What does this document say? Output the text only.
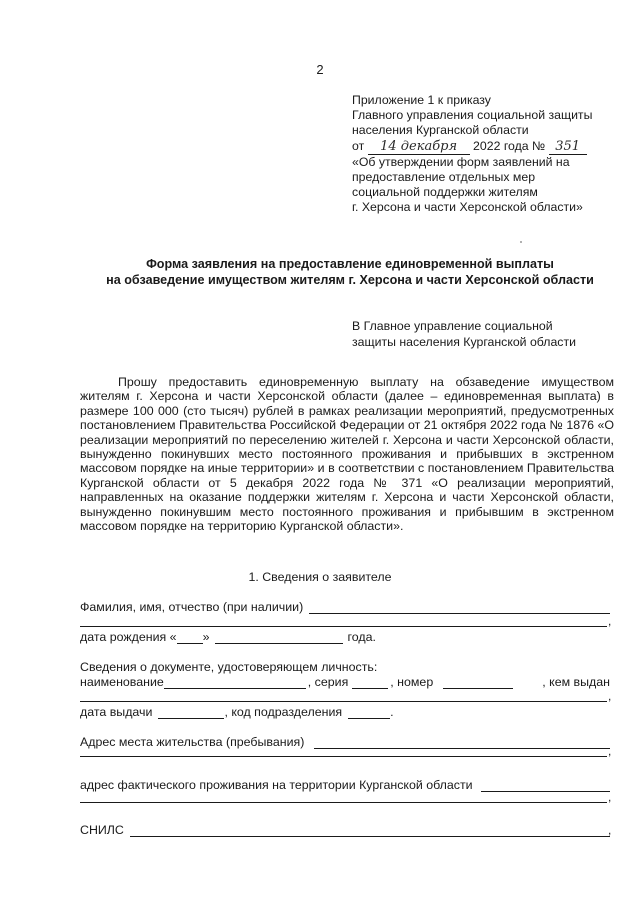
2
Приложение 1 к приказу
Главного управления социальной защиты
населения Курганской области
от 14 декабря 2022 года № 351
«Об утверждении форм заявлений на
предоставление отдельных мер
социальной поддержки жителям
г. Херсона и части Херсонской области»
Форма заявления на предоставление единовременной выплаты
на обзаведение имуществом жителям г. Херсона и части Херсонской области
В Главное управление социальной
защиты населения Курганской области

Прошу предоставить единовременную выплату на обзаведение имуществом жителям г. Херсона и части Херсонской области (далее – единовременная выплата) в размере 100 000 (сто тысяч) рублей в рамках реализации мероприятий, предусмотренных постановлением Правительства Российской Федерации от 21 октября 2022 года № 1876 «О реализации мероприятий по переселению жителей г. Херсона и части Херсонской области, вынужденно покинувших место постоянного проживания и прибывших в экстренном массовом порядке на иные территории» и в соответствии с постановлением Правительства Курганской области от 5 декабря 2022 года № 371 «О реализации мероприятий, направленных на оказание поддержки жителям г. Херсона и части Херсонской области, вынужденно покинувшим место постоянного проживания и прибывшим в экстренном массовом порядке на территорию Курганской области».

1. Сведения о заявителе
Фамилия, имя, отчество (при наличии)
,
дата рождения « »	года.
Сведения о документе, удостоверяющем личность:
наименование	, серия	, номер	, кем выдан
,
дата выдачи	, код подразделения	.
Адрес места жительства (пребывания)
,
адрес фактического проживания на территории Курганской области
,
СНИЛС	,
